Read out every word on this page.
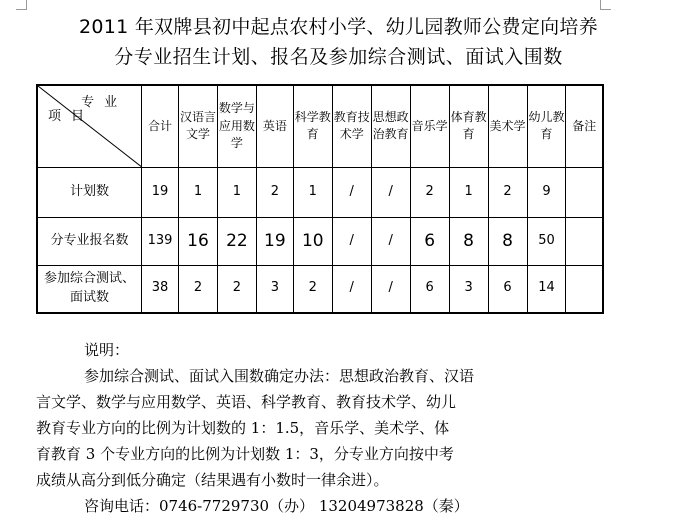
2011 年双牌县初中起点农村小学、幼儿园教师公费定向培养
分专业招生计划、报名及参加综合测试、面试入围数
专业
项目	合计	汉语言文学	数学与应用数学	英语	科学教育	教育技术学	思想政治教育	音乐学	体育教育	美术学	幼儿教育	备注
计划数	19	1	1	2	1	/	/	2	1	2	9	
分专业报名数	139	16	22	19	10	/	/	6	8	8	50	
参加综合测试、面试数	38	2	2	3	2	/	/	6	3	6	14	
说明：
参加综合测试、面试入围数确定办法：思想政治教育、汉语
言文学、数学与应用数学、英语、科学教育、教育技术学、幼儿
教育专业方向的比例为计划数的 1：1.5，音乐学、美术学、体
育教育 3 个专业方向的比例为计划数 1：3，分专业方向按中考
成绩从高分到低分确定（结果遇有小数时一律余进）。
咨询电话：0746-7729730（办） 13204973828（秦）
